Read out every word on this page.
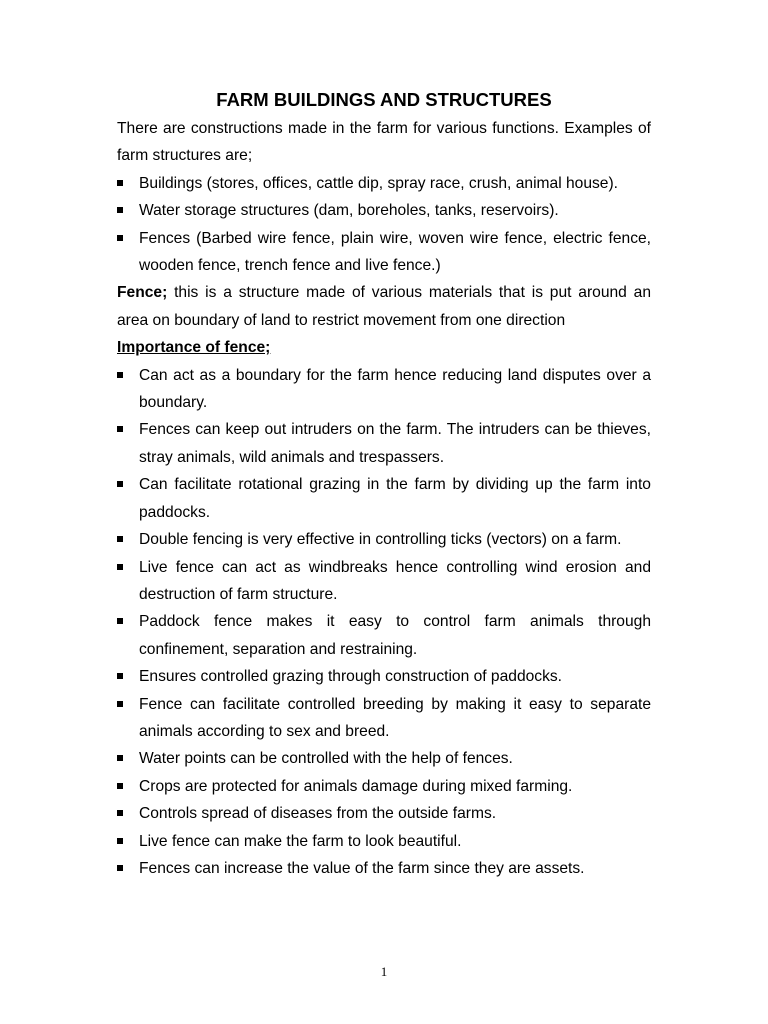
FARM BUILDINGS AND STRUCTURES

There are constructions made in the farm for various functions. Examples of farm structures are;

Buildings (stores, offices, cattle dip, spray race, crush, animal house).
Water storage structures (dam, boreholes, tanks, reservoirs).
Fences (Barbed wire fence, plain wire, woven wire fence, electric fence, wooden fence, trench fence and live fence.)

Fence; this is a structure made of various materials that is put around an area on boundary of land to restrict movement from one direction

Importance of fence;

Can act as a boundary for the farm hence reducing land disputes over a boundary.
Fences can keep out intruders on the farm. The intruders can be thieves, stray animals, wild animals and trespassers.
Can facilitate rotational grazing in the farm by dividing up the farm into paddocks.
Double fencing is very effective in controlling ticks (vectors) on a farm.
Live fence can act as windbreaks hence controlling wind erosion and destruction of farm structure.
Paddock fence makes it easy to control farm animals through confinement, separation and restraining.
Ensures controlled grazing through construction of paddocks.
Fence can facilitate controlled breeding by making it easy to separate animals according to sex and breed.
Water points can be controlled with the help of fences.
Crops are protected for animals damage during mixed farming.
Controls spread of diseases from the outside farms.
Live fence can make the farm to look beautiful.
Fences can increase the value of the farm since they are assets.
1
